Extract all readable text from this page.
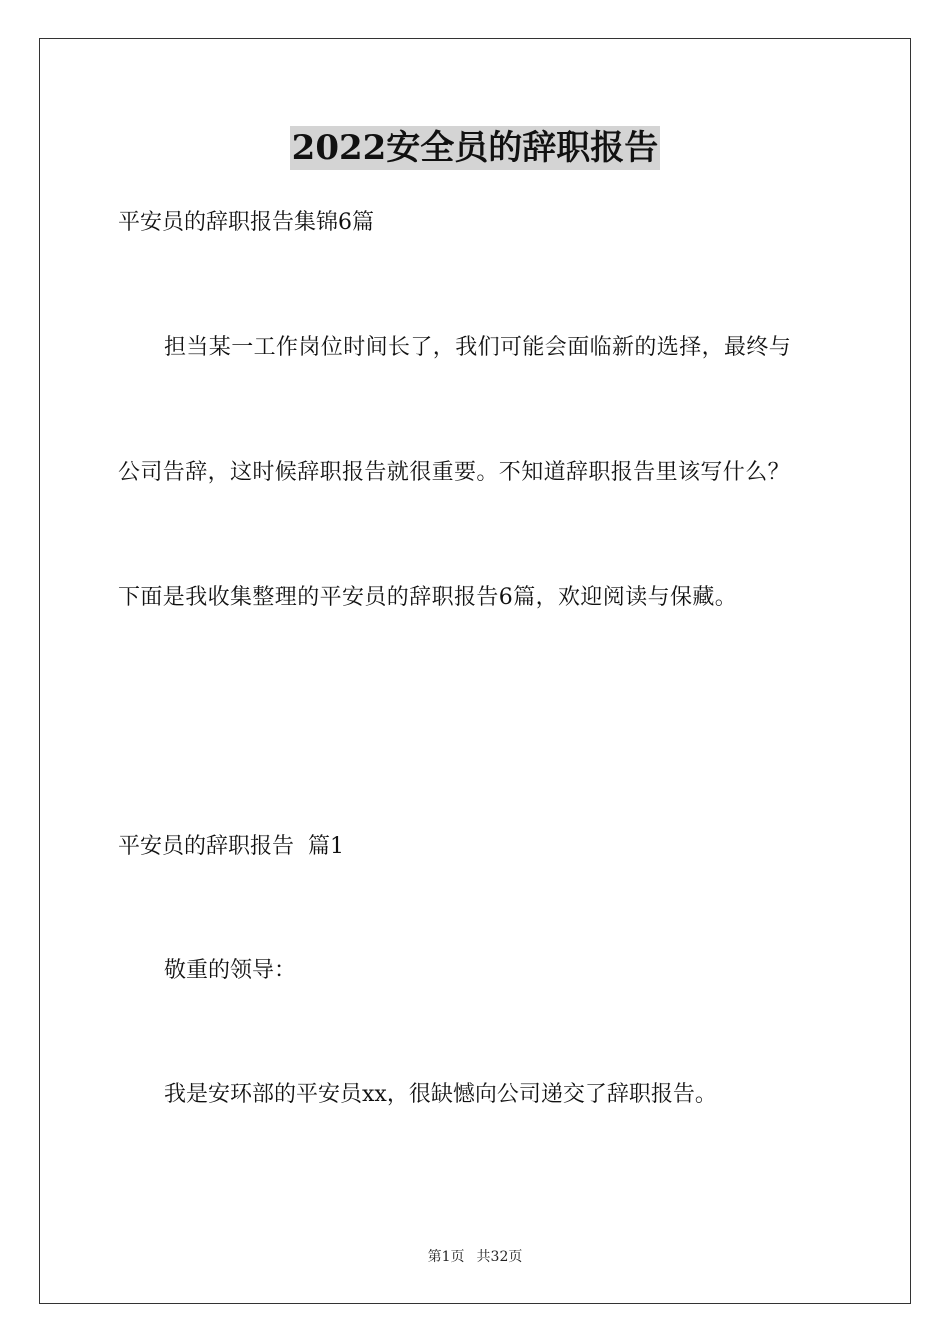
2022安全员的辞职报告

平安员的辞职报告集锦6篇

担当某一工作岗位时间长了，我们可能会面临新的选择，最终与

公司告辞，这时候辞职报告就很重要。不知道辞职报告里该写什么？

下面是我收集整理的平安员的辞职报告6篇，欢迎阅读与保藏。

平安员的辞职报告  篇1

敬重的领导：

我是安环部的平安员xx，很缺憾向公司递交了辞职报告。

第1页 共32页
